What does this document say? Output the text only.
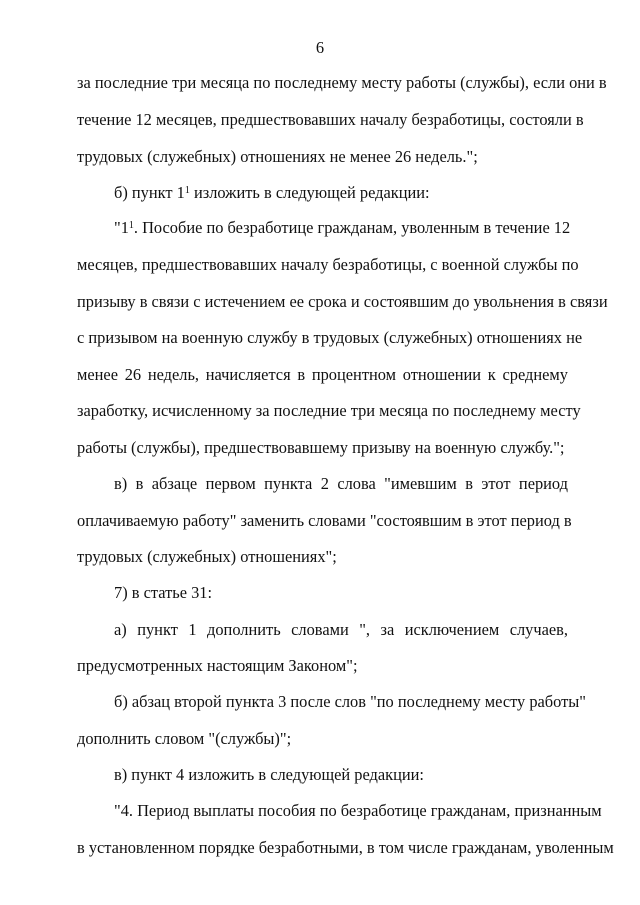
6
за последние три месяца по последнему месту работы (службы), если они в
течение 12 месяцев, предшествовавших началу безработицы, состояли в
трудовых (служебных) отношениях не менее 26 недель.";
б) пункт $1^1$ изложить в следующей редакции:
"$1^1$. Пособие по безработице гражданам, уволенным в течение 12
месяцев, предшествовавших началу безработицы, с военной службы по
призыву в связи с истечением ее срока и состоявшим до увольнения в связи
с призывом на военную службу в трудовых (служебных) отношениях не
менее 26 недель, начисляется в процентном отношении к среднему
заработку, исчисленному за последние три месяца по последнему месту
работы (службы), предшествовавшему призыву на военную службу.";
в) в абзаце первом пункта 2 слова "имевшим в этот период
оплачиваемую работу" заменить словами "состоявшим в этот период в
трудовых (служебных) отношениях";
7) в статье 31:
а) пункт 1 дополнить словами ", за исключением случаев,
предусмотренных настоящим Законом";
б) абзац второй пункта 3 после слов "по последнему месту работы"
дополнить словом "(службы)";
в) пункт 4 изложить в следующей редакции:
"4. Период выплаты пособия по безработице гражданам, признанным
в установленном порядке безработными, в том числе гражданам, уволенным
